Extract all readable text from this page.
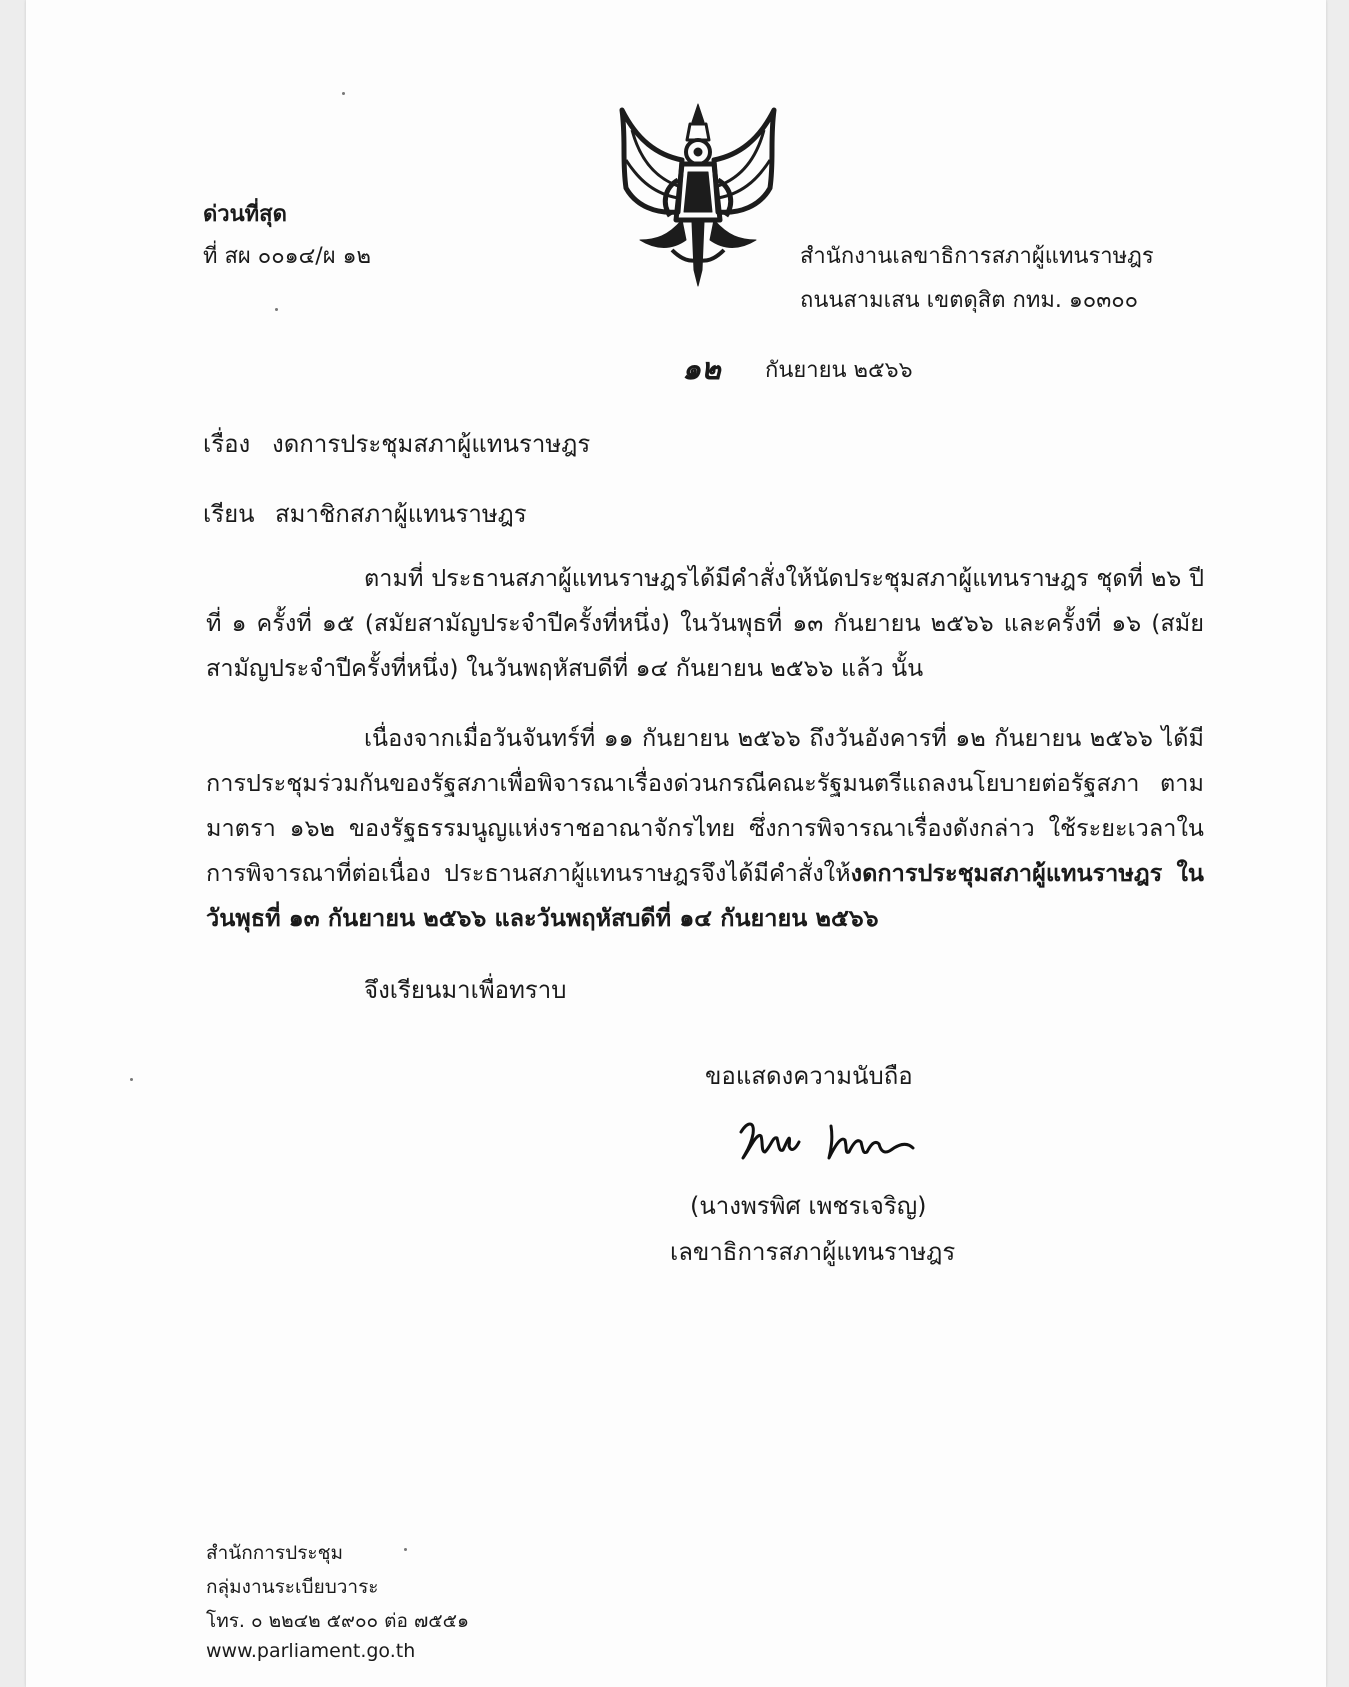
ด่วนที่สุด
ที่ สผ ๐๐๑๔/ผ ๑๒	สำนักงานเลขาธิการสภาผู้แทนราษฎร
ถนนสามเสน เขตดุสิต กทม. ๑๐๓๐๐
๑๒ กันยายน ๒๕๖๖
เรื่อง งดการประชุมสภาผู้แทนราษฎร
เรียน สมาชิกสภาผู้แทนราษฎร
ตามที่ ประธานสภาผู้แทนราษฎรได้มีคำสั่งให้นัดประชุมสภาผู้แทนราษฎร ชุดที่ ๒๖ ปีที่ ๑ ครั้งที่ ๑๕ (สมัยสามัญประจำปีครั้งที่หนึ่ง) ในวันพุธที่ ๑๓ กันยายน ๒๕๖๖ และครั้งที่ ๑๖ (สมัยสามัญประจำปีครั้งที่หนึ่ง) ในวันพฤหัสบดีที่ ๑๔ กันยายน ๒๕๖๖ แล้ว นั้น
เนื่องจากเมื่อวันจันทร์ที่ ๑๑ กันยายน ๒๕๖๖ ถึงวันอังคารที่ ๑๒ กันยายน ๒๕๖๖ ได้มีการประชุมร่วมกันของรัฐสภาเพื่อพิจารณาเรื่องด่วนกรณีคณะรัฐมนตรีแถลงนโยบายต่อรัฐสภา ตามมาตรา ๑๖๒ ของรัฐธรรมนูญแห่งราชอาณาจักรไทย ซึ่งการพิจารณาเรื่องดังกล่าว ใช้ระยะเวลาในการพิจารณาที่ต่อเนื่อง ประธานสภาผู้แทนราษฎรจึงได้มีคำสั่งให้งดการประชุมสภาผู้แทนราษฎร ในวันพุธที่ ๑๓ กันยายน ๒๕๖๖ และวันพฤหัสบดีที่ ๑๔ กันยายน ๒๕๖๖
จึงเรียนมาเพื่อทราบ
ขอแสดงความนับถือ
(นางพรพิศ เพชรเจริญ)
เลขาธิการสภาผู้แทนราษฎร
สำนักการประชุม
กลุ่มงานระเบียบวาระ
โทร. ๐ ๒๒๔๒ ๕๙๐๐ ต่อ ๗๕๕๑
www.parliament.go.th
